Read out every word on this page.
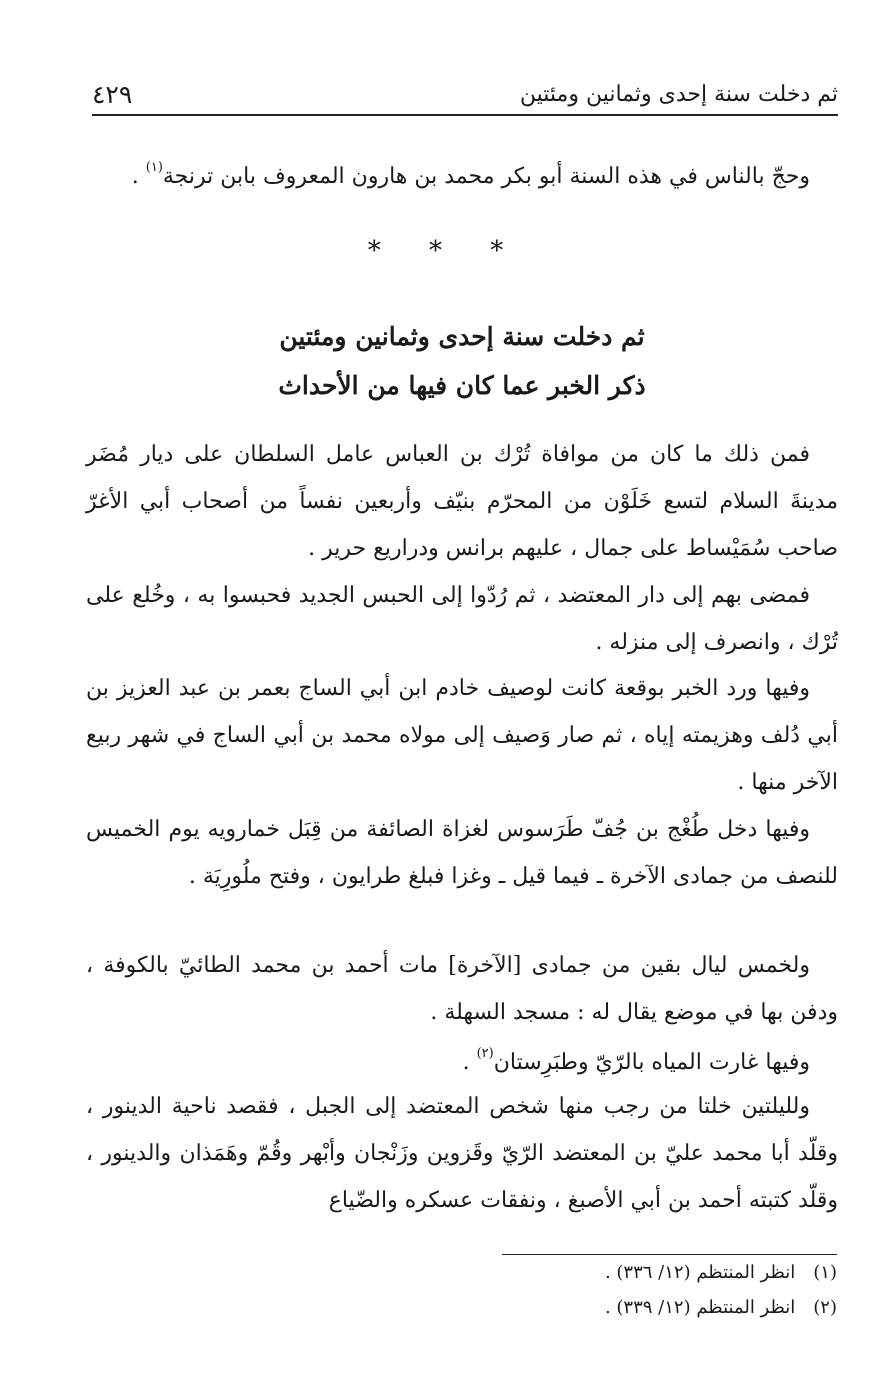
٤٢٩	ثم دخلت سنة إحدى وثمانين ومئتين

وحجّ بالناس في هذه السنة أبو بكر محمد بن هارون المعروف بابن ترنجة$^{(١)}$ .

* * *
ثم دخلت سنة إحدى وثمانين ومئتين
ذكر الخبر عما كان فيها من الأحداث

فمن ذلك ما كان من موافاة تُرْك بن العباس عامل السلطان على ديار مُضَر مدينةَ السلام لتسع خَلَوْن من المحرّم بنيّف وأربعين نفساً من أصحاب أبي الأغرّ صاحب سُمَيْساط على جمال ، عليهم برانس ودراريع حرير .

فمضى بهم إلى دار المعتضد ، ثم رُدّوا إلى الحبس الجديد فحبسوا به ، وخُلع على تُرْك ، وانصرف إلى منزله .

وفيها ورد الخبر بوقعة كانت لوصيف خادم ابن أبي الساج بعمر بن عبد العزيز بن أبي دُلف وهزيمته إياه ، ثم صار وَصيف إلى مولاه محمد بن أبي الساج في شهر ربيع الآخر منها .

وفيها دخل طُغْج بن جُفّ طَرَسوس لغزاة الصائفة من قِبَل خمارويه يوم الخميس للنصف من جمادى الآخرة ـ فيما قيل ـ وغزا فبلغ طرايون ، وفتح ملُورِيَة .

ولخمس ليال بقين من جمادى [الآخرة] مات أحمد بن محمد الطائيّ بالكوفة ، ودفن بها في موضع يقال له : مسجد السهلة .

وفيها غارت المياه بالرّيّ وطبَرِستان$^{(٢)}$ .

ولليلتين خلتا من رجب منها شخص المعتضد إلى الجبل ، فقصد ناحية الدينور ، وقلّد أبا محمد عليّ بن المعتضد الرّيّ وقَزوين وزَنْجان وأبْهر وقُمّ وهَمَذان والدينور ، وقلّد كتبته أحمد بن أبي الأصبغ ، ونفقات عسكره والضّياع

(١)انظر المنتظم (١٢/ ٣٣٦) .
(٢)انظر المنتظم (١٢/ ٣٣٩) .
